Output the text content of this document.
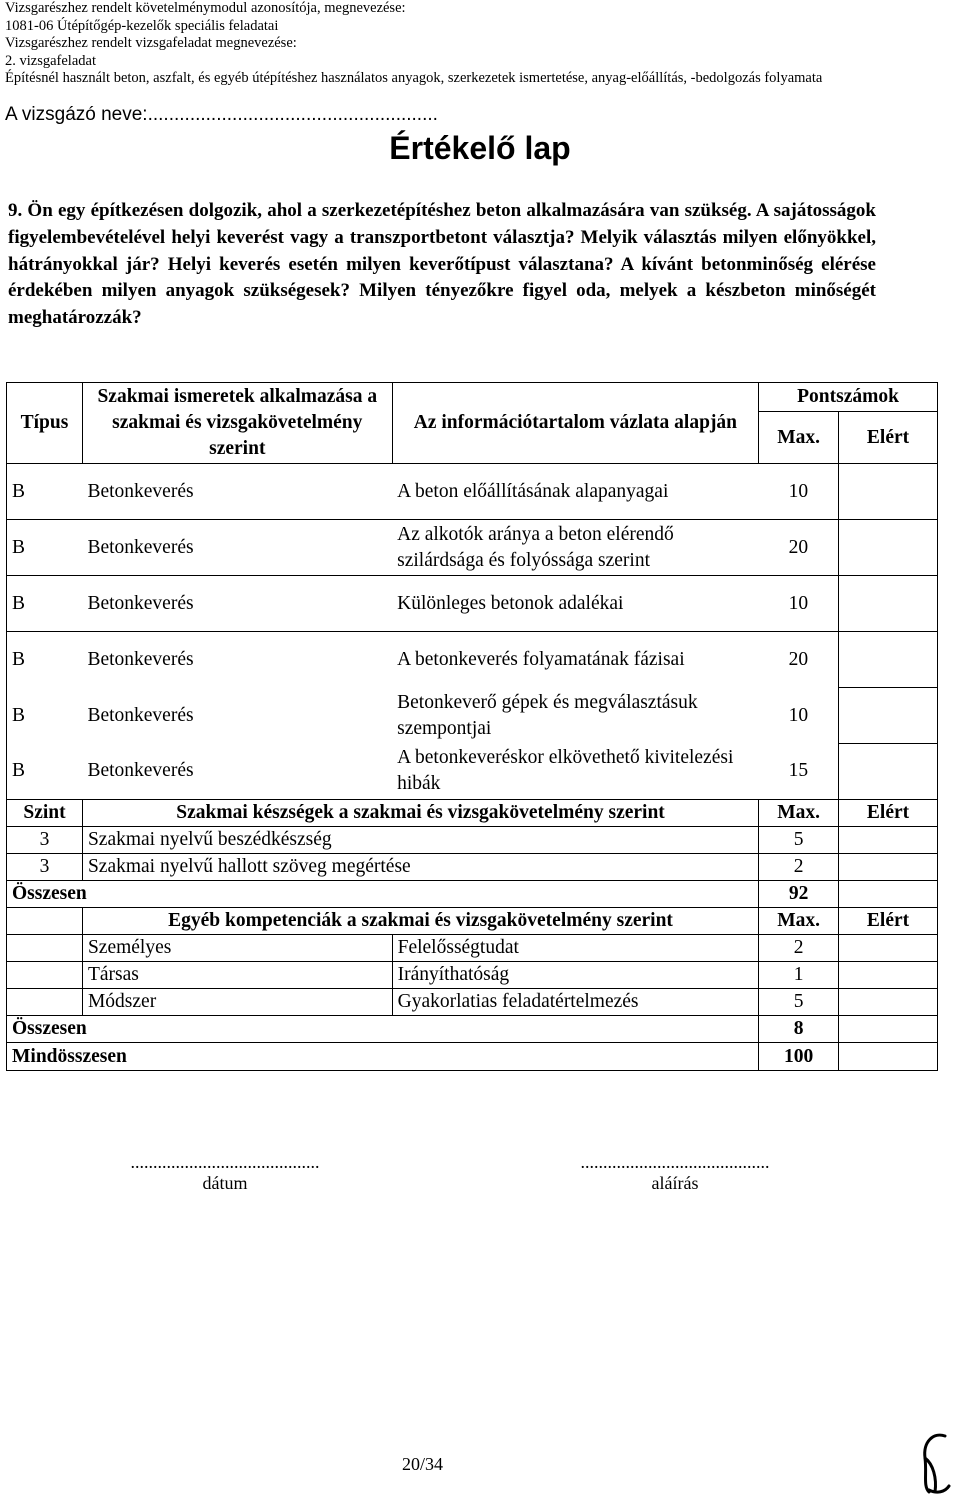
Vizsgarészhez rendelt követelménymodul azonosítója, megnevezése:
1081-06 Útépítőgép-kezelők speciális feladatai
Vizsgarészhez rendelt vizsgafeladat megnevezése:
2. vizsgafeladat
Építésnél használt beton, aszfalt, és egyéb útépítéshez használatos anyagok, szerkezetek ismertetése, anyag-előállítás, -bedolgozás folyamata
A vizsgázó neve:.......................................................
Értékelő lap
9. Ön egy építkezésen dolgozik, ahol a szerkezetépítéshez beton alkalmazására van szükség. A sajátosságok figyelembevételével helyi keverést vagy a transzportbetont választja? Melyik választás milyen előnyökkel, hátrányokkal jár? Helyi keverés esetén milyen keverőtípust választana? A kívánt betonminőség elérése érdekében milyen anyagok szükségesek? Milyen tényezőkre figyel oda, melyek a készbeton minőségét meghatározzák?
Típus	Szakmai ismeretek alkalmazása a szakmai és vizsgakövetelmény szerint	Az információtartalom vázlata alapján	Pontszámok	
			Max.	Elért
B	Betonkeverés	A beton előállításának alapanyagai	10	
B	Betonkeverés	Az alkotók aránya a beton elérendő szilárdsága és folyóssága szerint	20	
B	Betonkeverés	Különleges betonok adalékai	10	
B	Betonkeverés	A betonkeverés folyamatának fázisai	20	
B	Betonkeverés	Betonkeverő gépek és megválasztásuk szempontjai	10	
B	Betonkeverés	A betonkeveréskor elkövethető kivitelezési hibák	15	
Szint	Szakmai készségek a szakmai és vizsgakövetelmény szerint		Max.	Elért
3	Szakmai nyelvű beszédkészség		5	
3	Szakmai nyelvű hallott szöveg megértése		2	
Összesen			92	
	Egyéb kompetenciák a szakmai és vizsgakövetelmény szerint		Max.	Elért
	Személyes	Felelősségtudat	2	
	Társas	Irányíthatóság	1	
	Módszer	Gyakorlatias feladatértelmezés	5	
Összesen			8	
Mindösszesen			100	
..........................................
dátum
..........................................
aláírás
20/34
